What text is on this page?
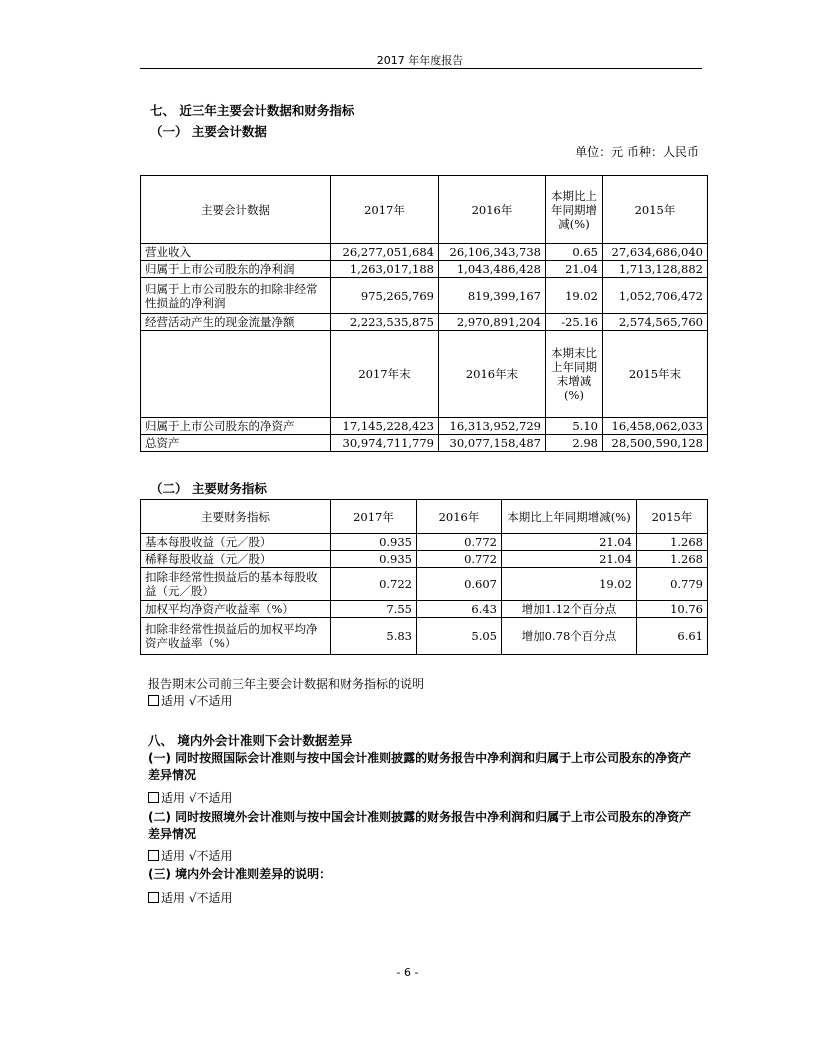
2017 年年度报告
七、 近三年主要会计数据和财务指标
（一） 主要会计数据
单位：元 币种：人民币
主要会计数据	2017年	2016年	本期比上年同期增减(%)	2015年
营业收入	26,277,051,684	26,106,343,738	0.65	27,634,686,040
归属于上市公司股东的净利润	1,263,017,188	1,043,486,428	21.04	1,713,128,882
归属于上市公司股东的扣除非经常性损益的净利润	975,265,769	819,399,167	19.02	1,052,706,472
经营活动产生的现金流量净额	2,223,535,875	2,970,891,204	-25.16	2,574,565,760
	2017年末	2016年末	本期末比上年同期末增减(%)	2015年末
归属于上市公司股东的净资产	17,145,228,423	16,313,952,729	5.10	16,458,062,033
总资产	30,974,711,779	30,077,158,487	2.98	28,500,590,128
（二） 主要财务指标
主要财务指标	2017年	2016年	本期比上年同期增减(%)	2015年
基本每股收益（元／股）	0.935	0.772	21.04	1.268
稀释每股收益（元／股）	0.935	0.772	21.04	1.268
扣除非经常性损益后的基本每股收益（元／股）	0.722	0.607	19.02	0.779
加权平均净资产收益率（%）	7.55	6.43	增加1.12个百分点	10.76
扣除非经常性损益后的加权平均净资产收益率（%）	5.83	5.05	增加0.78个百分点	6.61
报告期末公司前三年主要会计数据和财务指标的说明
适用 √不适用
八、 境内外会计准则下会计数据差异
(一) 同时按照国际会计准则与按中国会计准则披露的财务报告中净利润和归属于上市公司股东的净资产差异情况
适用 √不适用
(二) 同时按照境外会计准则与按中国会计准则披露的财务报告中净利润和归属于上市公司股东的净资产差异情况
适用 √不适用
(三) 境内外会计准则差异的说明：
适用 √不适用
- 6 -
